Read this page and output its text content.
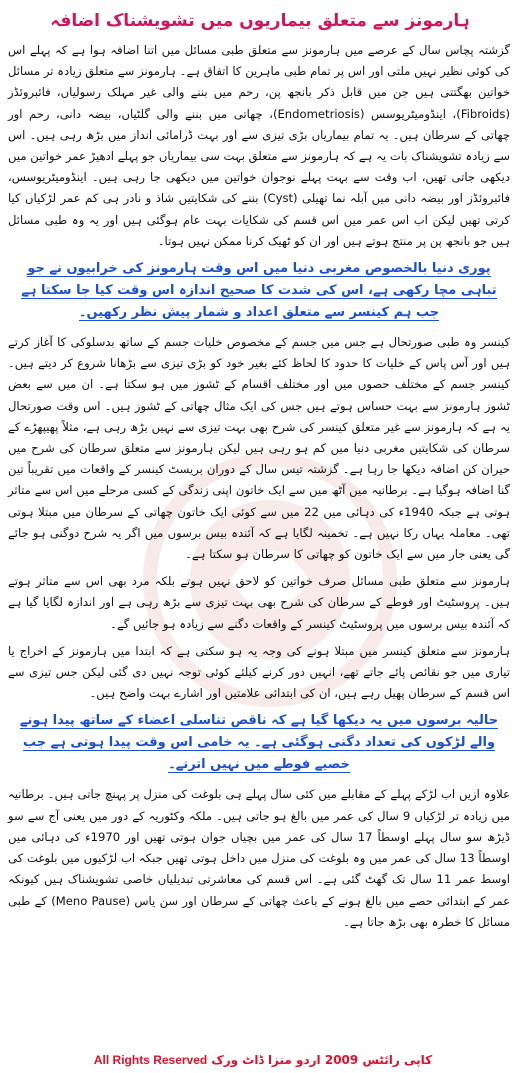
ہارمونز سے متعلق بیماریوں میں تشویشناک اضافہ

گزشتہ پچاس سال کے عرصے میں ہارمونز سے متعلق طبی مسائل میں اتنا اضافہ ہوا ہے کہ پہلے اس کی کوئی نظیر نہیں ملتی اور اس پر تمام طبی ماہرین کا اتفاق ہے۔ ہارمونز سے متعلق زیادہ تر مسائل خواتین بھگتتی ہیں جن میں قابل ذکر بانجھ پن، رحم میں بننے والی غیر مہلک رسولیاں، فائبروئڈز (Fibroids)، اینڈومیٹریوسس (Endometriosis)، چھاتی میں بننے والی گلٹیاں، بیضہ دانی، رحم اور چھاتی کے سرطان ہیں۔ یہ تمام بیماریاں بڑی تیزی سے اور بہت ڈرامائی انداز میں بڑھ رہی ہیں۔ اس سے زیادہ تشویشناک بات یہ ہے کہ ہارمونز سے متعلق بہت سی بیماریاں جو پہلے ادھیڑ عمر خواتین میں دیکھی جاتی تھیں، اب وقت سے بہت پہلے نوجوان خواتین میں دیکھی جا رہی ہیں۔ اینڈومیٹریوسس، فائبروئڈز اور بیضہ دانی میں آبلہ نما تھیلی (Cyst) بننے کی شکایتیں شاذ و نادر ہی کم عمر لڑکیاں کیا کرتی تھیں لیکن اب اس عمر میں اس قسم کی شکایات بہت عام ہوگئی ہیں اور یہ وہ طبی مسائل ہیں جو بانجھ پن پر منتج ہوتے ہیں اور ان کو ٹھیک کرنا ممکن نہیں ہوتا۔

پوری دنیا بالخصوص مغربی دنیا میں اس وقت ہارمونز کی خرابیوں نے جو تباہی مچا رکھی ہے، اس کی شدت کا صحیح اندازہ اس وقت کیا جا سکتا ہے جب ہم کینسر سے متعلق اعداد و شمار پیش نظر رکھیں۔

کینسر وہ طبی صورتحال ہے جس میں جسم کے مخصوص خلیات جسم کے ساتھ بدسلوکی کا آغاز کرتے ہیں اور آس پاس کے خلیات کا حدود کا لحاظ کئے بغیر خود کو بڑی تیزی سے بڑھانا شروع کر دیتے ہیں۔ کینسر جسم کے مختلف حصوں میں اور مختلف اقسام کے ٹشوز میں ہو سکتا ہے۔ ان میں سے بعض ٹشوز ہارمونز سے بہت حساس ہوتے ہیں جس کی ایک مثال چھاتی کے ٹشوز ہیں۔ اس وقت صورتحال یہ ہے کہ ہارمونز سے غیر متعلق کینسر کی شرح بھی بہت تیزی سے نہیں بڑھ رہی ہے، مثلاً پھیپھڑے کے سرطان کی شکایتیں مغربی دنیا میں کم ہو رہی ہیں لیکن ہارمونز سے متعلق سرطان کی شرح میں حیران کن اضافہ دیکھا جا رہا ہے۔ گزشتہ تیس سال کے دوران بریسٹ کینسر کے واقعات میں تقریباً تین گنا اضافہ ہوگیا ہے۔ برطانیہ میں آٹھ میں سے ایک خاتون اپنی زندگی کے کسی مرحلے میں اس سے متاثر ہوتی ہے جبکہ 1940ء کی دہائی میں 22 میں سے کوئی ایک خاتون چھاتی کے سرطان میں مبتلا ہوتی تھی۔ معاملہ یہاں رکا نہیں ہے۔ تخمینہ لگایا ہے کہ آئندہ بیس برسوں میں اگر یہ شرح دوگنی ہو جائے گی یعنی جار میں سے ایک خاتون کو چھاتی کا سرطان ہو سکتا ہے۔

ہارمونز سے متعلق طبی مسائل صرف خواتین کو لاحق نہیں ہوتے بلکہ مرد بھی اس سے متاثر ہوتے ہیں۔ پروسٹیٹ اور فوطے کے سرطان کی شرح بھی بہت تیزی سے بڑھ رہی ہے اور اندازہ لگایا گیا ہے کہ آئندہ بیس برسوں میں پروسٹیٹ کینسر کے واقعات دگنے سے زیادہ ہو جائیں گے۔

ہارمونز سے متعلق کینسر میں مبتلا ہونے کی وجہ یہ ہو سکتی ہے کہ ابتدا میں ہارمونز کے اخراج یا تیاری میں جو نقائص پائے جاتے تھے، انہیں دور کرنے کیلئے کوئی توجہ نہیں دی گئی لیکن جس تیزی سے اس قسم کے سرطان پھیل رہے ہیں، ان کی ابتدائی علامتیں اور اشارے بہت واضح ہیں۔

حالیہ برسوں میں یہ دیکھا گیا ہے کہ ناقص تناسلی اعضاء کے ساتھ پیدا ہونے والے لڑکوں کی تعداد دگنی ہوگئی ہے۔ یہ خامی اس وقت پیدا ہوتی ہے جب خصیے فوطے میں نہیں اترتے۔

علاوہ ازیں اب لڑکے پہلے کے مقابلے میں کئی سال پہلے ہی بلوغت کی منزل پر پہنچ جاتی ہیں۔ برطانیہ میں زیادہ تر لڑکیاں 9 سال کی عمر میں بالغ ہو جاتی ہیں۔ ملکہ وکٹوریہ کے دور میں یعنی آج سے سو ڈیڑھ سو سال پہلے اوسطاً 17 سال کی عمر میں بچیاں جوان ہوتی تھیں اور 1970ء کی دہائی میں اوسطاً 13 سال کی عمر میں وہ بلوغت کی منزل میں داخل ہوتی تھیں جبکہ اب لڑکیوں میں بلوغت کی اوسط عمر 11 سال تک گھٹ گئی ہے۔ اس قسم کی معاشرتی تبدیلیاں خاصی تشویشناک ہیں کیونکہ عمر کے ابتدائی حصے میں بالغ ہونے کے باعث چھاتی کے سرطان اور سن یاس (Meno Pause) کے طبی مسائل کا خطرہ بھی بڑھ جاتا ہے۔

All Rights Reserved کاپی رائٹس 2009 اردو منزا ڈاٹ ورک
